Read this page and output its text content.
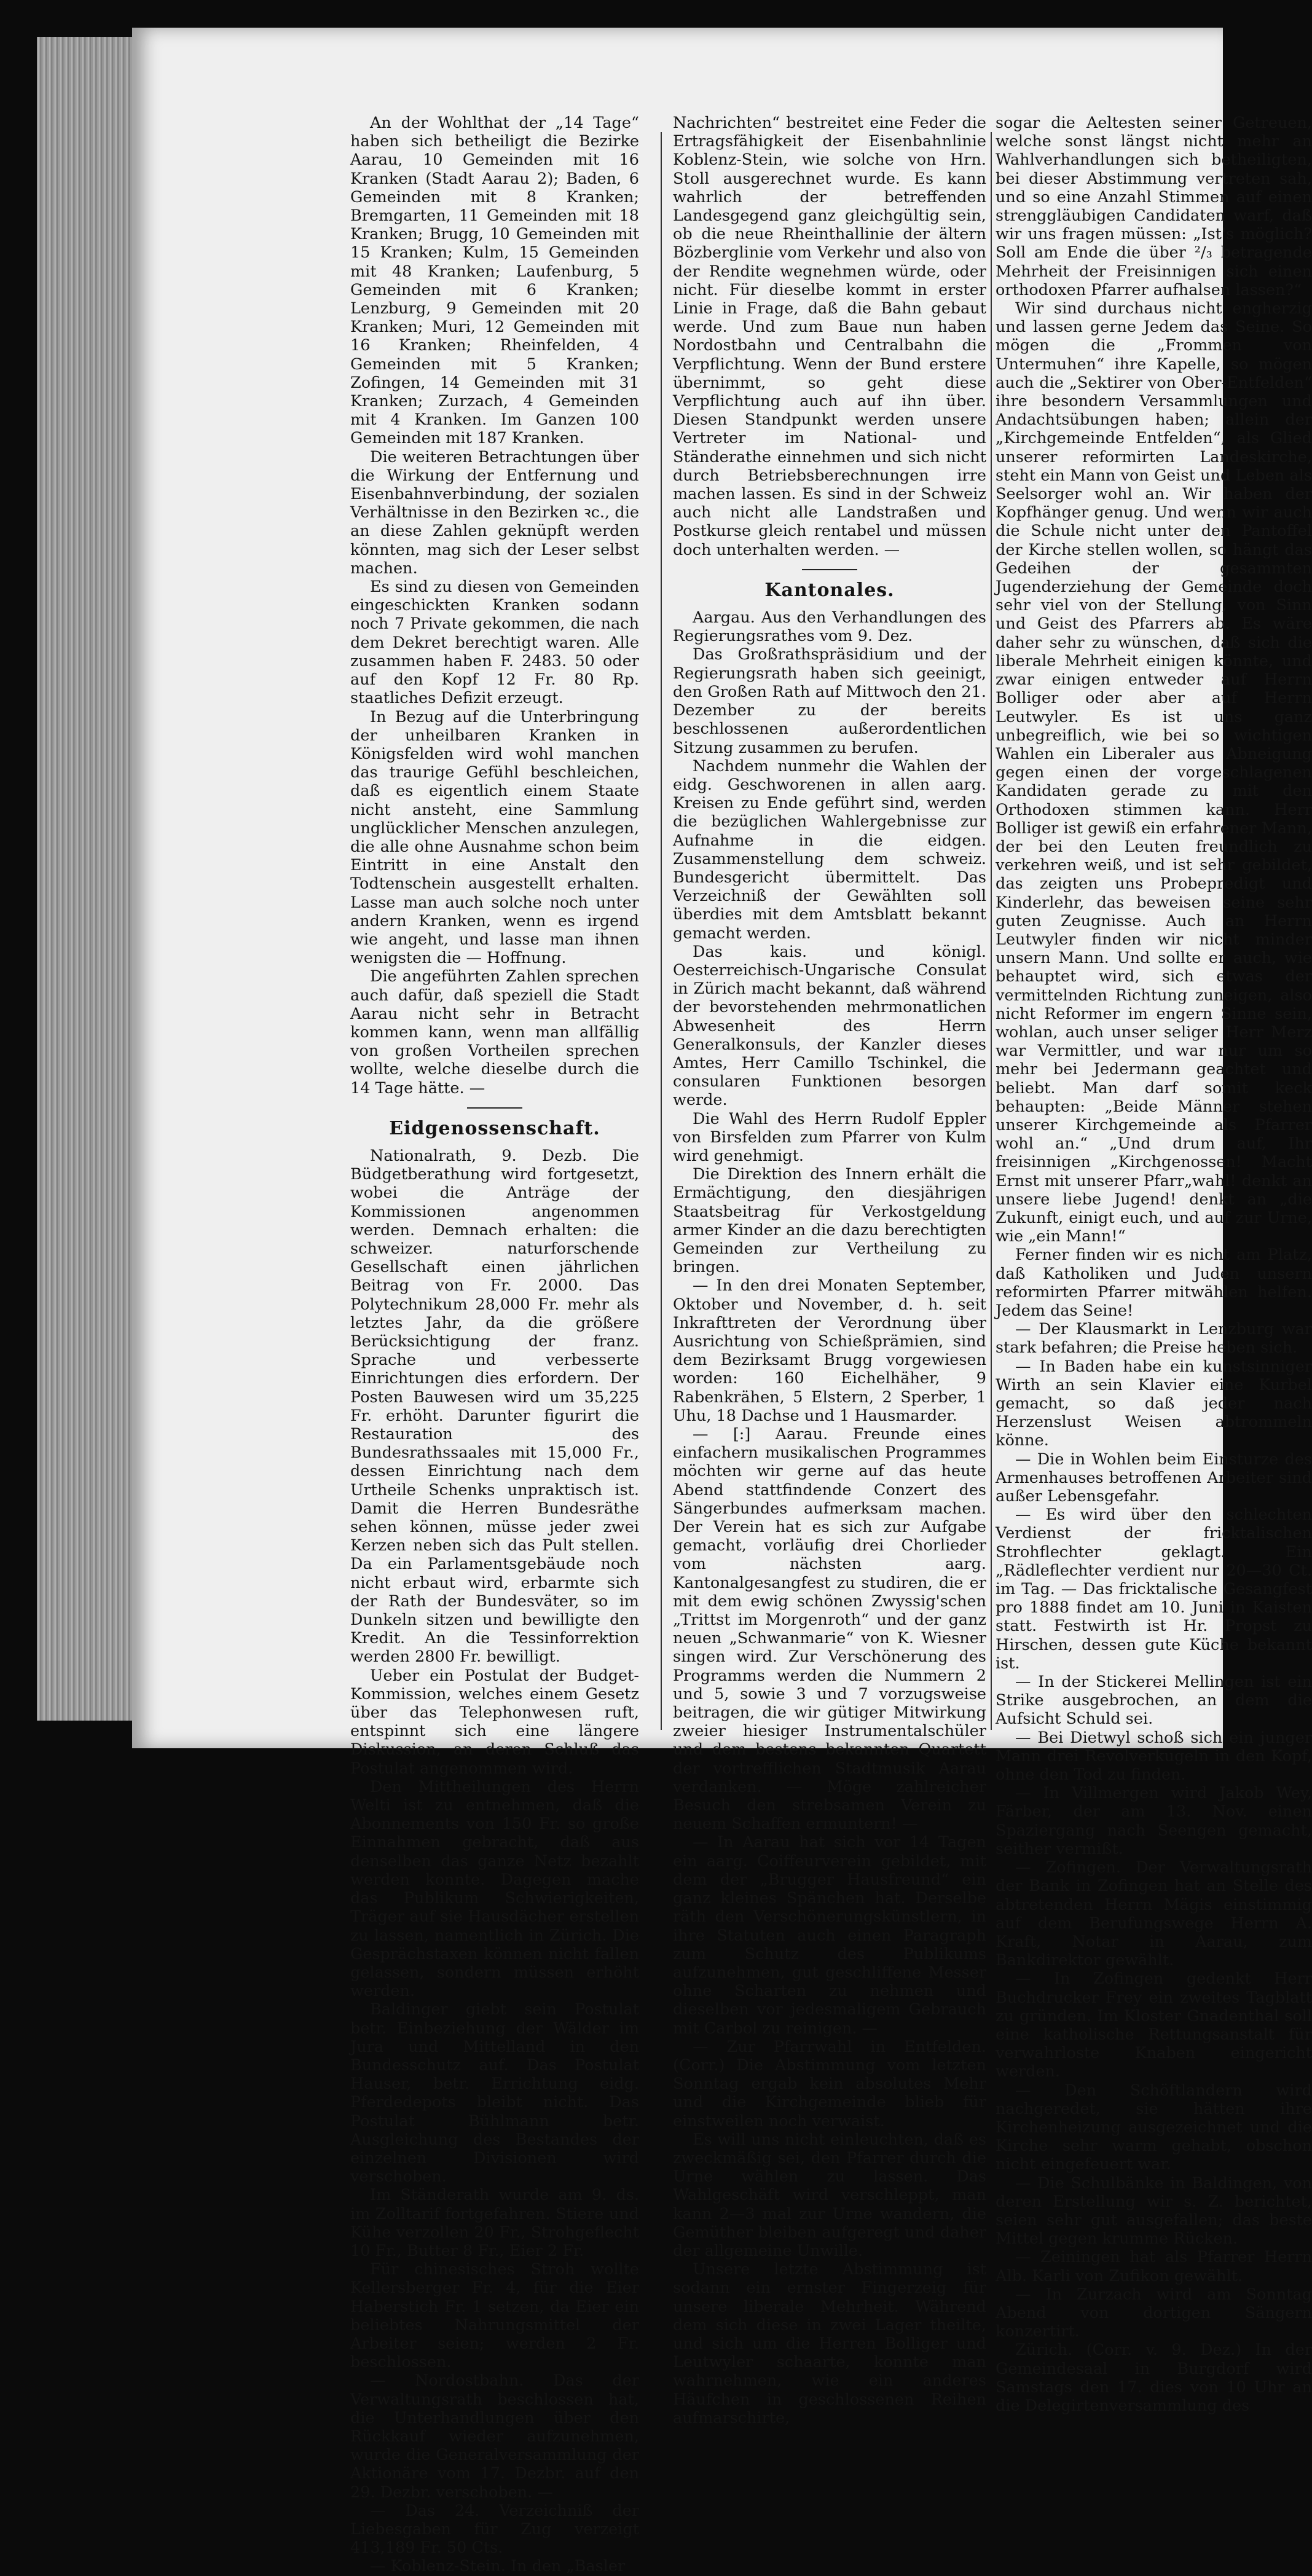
An der Wohlthat der „14 Tage“ haben sich betheiligt die Bezirke Aarau, 10 Gemeinden mit 16 Kranken (Stadt Aarau 2); Baden, 6 Gemeinden mit 8 Kranken; Bremgarten, 11 Gemeinden mit 18 Kranken; Brugg, 10 Gemeinden mit 15 Kranken; Kulm, 15 Gemeinden mit 48 Kranken; Laufenburg, 5 Gemeinden mit 6 Kranken; Lenzburg, 9 Gemeinden mit 20 Kranken; Muri, 12 Gemeinden mit 16 Kranken; Rheinfelden, 4 Gemeinden mit 5 Kranken; Zofingen, 14 Gemeinden mit 31 Kranken; Zurzach, 4 Gemeinden mit 4 Kranken. Im Ganzen 100 Gemeinden mit 187 Kranken.

Die weiteren Betrachtungen über die Wirkung der Entfernung und Eisenbahnverbindung, der sozialen Verhältnisse in den Bezirken ꝛc., die an diese Zahlen geknüpft werden könnten, mag sich der Leser selbst machen.

Es sind zu diesen von Gemeinden eingeschickten Kranken sodann noch 7 Private gekommen, die nach dem Dekret berechtigt waren. Alle zusammen haben F. 2483. 50 oder auf den Kopf 12 Fr. 80 Rp. staatliches Defizit erzeugt.

In Bezug auf die Unterbringung der unheilbaren Kranken in Königsfelden wird wohl manchen das traurige Gefühl beschleichen, daß es eigentlich einem Staate nicht ansteht, eine Sammlung unglücklicher Menschen anzulegen, die alle ohne Ausnahme schon beim Eintritt in eine Anstalt den Todtenschein ausgestellt erhalten. Lasse man auch solche noch unter andern Kranken, wenn es irgend wie angeht, und lasse man ihnen wenigsten die — Hoffnung.

Die angeführten Zahlen sprechen auch dafür, daß speziell die Stadt Aarau nicht sehr in Betracht kommen kann, wenn man allfällig von großen Vortheilen sprechen wollte, welche dieselbe durch die 14 Tage hätte. —

Eidgenossenschaft.

Nationalrath, 9. Dezb. Die Büdgetberathung wird fortgesetzt, wobei die Anträge der Kommissionen angenommen werden. Demnach erhalten: die schweizer. naturforschende Gesellschaft einen jährlichen Beitrag von Fr. 2000. Das Polytechnikum 28,000 Fr. mehr als letztes Jahr, da die größere Berücksichtigung der franz. Sprache und verbesserte Einrichtungen dies erfordern. Der Posten Bauwesen wird um 35,225 Fr. erhöht. Darunter figurirt die Restauration des Bundesrathssaales mit 15,000 Fr., dessen Einrichtung nach dem Urtheile Schenks unpraktisch ist. Damit die Herren Bundesräthe sehen können, müsse jeder zwei Kerzen neben sich das Pult stellen. Da ein Parlamentsgebäude noch nicht erbaut wird, erbarmte sich der Rath der Bundesväter, so im Dunkeln sitzen und bewilligte den Kredit. An die Tessinforrektion werden 2800 Fr. bewilligt.

Ueber ein Postulat der Budget-Kommission, welches einem Gesetz über das Telephonwesen ruft, entspinnt sich eine längere Diskussion, an deren Schluß das Postulat angenommen wird.

Den Mittheilungen des Herrn Welti ist zu entnehmen, daß die Abonnements von 150 Fr. so große Einnahmen gebracht, daß aus denselben das ganze Netz bezahlt werden konnte. Dagegen mache das Publikum Schwierigkeiten, Träger auf sie Hausdächer erstellen zu lassen, namentlich in Zürich. Die Gesprächstaxen können nicht fallen gelassen, sondern müssen erhöht werden.

Baldinger giebt sein Postulat betr. Einbeziehung der Wälder im Jura und Mittelland in den Bundesschutz auf. Das Postulat Hauser, betr. Errichtung eidg. Pferdedepots bleibt nicht. Das Postulat Bühlmann betr. Ausgleichung des Bestandes der einzelnen Divisionen wird verschoben.

Im Ständerath wurde am 9. ds. im Zolltarif fortgefahren. Stiere und Kühe verzollen 20 Fr., Strohgeflecht 10 Fr., Butter 8 Fr., Eier 2 Fr.

Für chinesisches Stroh wollte Kellersberger Fr. 4, für die Eier Haberstich Fr. 1 setzen, da Eier ein beliebtes Nahrungsmittel der Arbeiter seien; werden 2 Fr. beschlossen.

— Nordostbahn. Das der Verwaltungsrath beschlossen hat, die Unterhandlungen über den Rückkauf wieder aufzunehmen, wurde die Generalversammlung der Aktionäre vom 17. Dezbr. auf den 29. Dezbr. verschoben. —

— Das 24. Verzeichniß der Liebesgaben für Zug verzeigt 413,189 Fr. 50 Cts.

— Koblenz-Stein. In den „Basler

Nachrichten“ bestreitet eine Feder die Ertragsfähigkeit der Eisenbahnlinie Koblenz-Stein, wie solche von Hrn. Stoll ausgerechnet wurde. Es kann wahrlich der betreffenden Landesgegend ganz gleichgültig sein, ob die neue Rheinthallinie der ältern Bözberglinie vom Verkehr und also von der Rendite wegnehmen würde, oder nicht. Für dieselbe kommt in erster Linie in Frage, daß die Bahn gebaut werde. Und zum Baue nun haben Nordostbahn und Centralbahn die Verpflichtung. Wenn der Bund erstere übernimmt, so geht diese Verpflichtung auch auf ihn über. Diesen Standpunkt werden unsere Vertreter im National- und Ständerathe einnehmen und sich nicht durch Betriebsberechnungen irre machen lassen. Es sind in der Schweiz auch nicht alle Landstraßen und Postkurse gleich rentabel und müssen doch unterhalten werden. —

Kantonales.

Aargau. Aus den Verhandlungen des Regierungsrathes vom 9. Dez.

Das Großrathspräsidium und der Regierungsrath haben sich geeinigt, den Großen Rath auf Mittwoch den 21. Dezember zu der bereits beschlossenen außerordentlichen Sitzung zusammen zu berufen.

Nachdem nunmehr die Wahlen der eidg. Geschworenen in allen aarg. Kreisen zu Ende geführt sind, werden die bezüglichen Wahlergebnisse zur Aufnahme in die eidgen. Zusammenstellung dem schweiz. Bundesgericht übermittelt. Das Verzeichniß der Gewählten soll überdies mit dem Amtsblatt bekannt gemacht werden.

Das kais. und königl. Oesterreichisch-Ungarische Consulat in Zürich macht bekannt, daß während der bevorstehenden mehrmonatlichen Abwesenheit des Herrn Generalkonsuls, der Kanzler dieses Amtes, Herr Camillo Tschinkel, die consularen Funktionen besorgen werde.

Die Wahl des Herrn Rudolf Eppler von Birsfelden zum Pfarrer von Kulm wird genehmigt.

Die Direktion des Innern erhält die Ermächtigung, den diesjährigen Staatsbeitrag für Verkostgeldung armer Kinder an die dazu berechtigten Gemeinden zur Vertheilung zu bringen.

— In den drei Monaten September, Oktober und November, d. h. seit Inkrafttreten der Verordnung über Ausrichtung von Schießprämien, sind dem Bezirksamt Brugg vorgewiesen worden: 160 Eichelhäher, 9 Rabenkrähen, 5 Elstern, 2 Sperber, 1 Uhu, 18 Dachse und 1 Hausmarder.

— [:] Aarau. Freunde eines einfachern musikalischen Programmes möchten wir gerne auf das heute Abend stattfindende Conzert des Sängerbundes aufmerksam machen. Der Verein hat es sich zur Aufgabe gemacht, vorläufig drei Chorlieder vom nächsten aarg. Kantonalgesangfest zu studiren, die er mit dem ewig schönen Zwyssig'schen „Trittst im Morgenroth“ und der ganz neuen „Schwanmarie“ von K. Wiesner singen wird. Zur Verschönerung des Programms werden die Nummern 2 und 5, sowie 3 und 7 vorzugsweise beitragen, die wir gütiger Mitwirkung zweier hiesiger Instrumentalschüler und dem bestens bekannten Quartett der vortrefflichen Stadtmusik Aarau verdanken. — Möge zahlreicher Besuch den strebsamen Verein zu neuem Schaffen ermuntern! —

— In Aarau hat sich vor 14 Tagen ein aarg. Coiffeurverein gebildet, mit dem der „Brugger Hausfreund“ ein ganz kleines Spänchen hat. Derselbe räth den Verschönerungskünstlern, in ihre Statuten auch einen Paragraph zum Schutz des Publikums aufzunehmen, gut geschliffene Messer ohne Scharten zu nehmen und dieselben vor jedesmaligem Gebrauch mit Carbol zu reinigen. —

— Zur Pfarrwahl in Entfelden. (Corr.) Die Abstimmung vom letzten Sonntag ergab kein absolutes Mehr und die Kirchgemeinde blieb für einstweilen noch verwaist.

Es will uns nicht einleuchten, daß es zweckmäßig sei, den Pfarrer durch die Urne wählen zu lassen. Das Wahlgeschäft wird verschleppt, man kann 2—3 mal zur Urne wandern, die Gemüther bleiben aufgeregt und daher der allgemeine Unwille.

Unsere letzte Abstimmung ist sodann ein ernster Fingerzeig für unsere liberale Mehrheit. Während dem sich diese in zwei Lager theilte, und sich um die Herren Bolliger und Leutwyler schaarte, konnte man wahrnehmen, wie ein anderes Häufchen in geschlossenen Reihen aufmarschirte,

sogar die Aeltesten seiner Getreuen, welche sonst längst nicht mehr an Wahlverhandlungen sich betheiligten, bei dieser Abstimmung vertreten sah, und so eine Anzahl Stimmen auf einen strenggläubigen Candidaten warf, daß wir uns fragen müssen: „Ist's möglich? Soll am Ende die über ²/₃ betragende Mehrheit der Freisinnigen sich einen orthodoxen Pfarrer aufhalsen lassen?“

Wir sind durchaus nicht engherzig und lassen gerne Jedem das Seine. So mögen die „Frommen von Untermuhen“ ihre Kapelle, so mögen auch die „Sektirer von Ober-Entfelden“ ihre besondern Versammlungen und Andachtsübungen haben; allein der „Kirchgemeinde Entfelden“, als Glied unserer reformirten Landeskirche, steht ein Mann von Geist und Leben als Seelsorger wohl an. Wir haben der Kopfhänger genug. Und wenn wir auch die Schule nicht unter den Pantoffel der Kirche stellen wollen, so hängt das Gedeihen der gesammten Jugenderziehung der Gemeinde doch sehr viel von der Stellung, von Sinn und Geist des Pfarrers ab. Es wäre daher sehr zu wünschen, daß sich die liberale Mehrheit einigen könnte, und zwar einigen entweder auf Herrn Bolliger oder aber auf Herrn Leutwyler. Es ist uns ganz unbegreiflich, wie bei so wichtigen Wahlen ein Liberaler aus Abneigung gegen einen der vorgeschlagenen Kandidaten gerade zu mit den Orthodoxen stimmen kann. Herr Bolliger ist gewiß ein erfahrener Mann, der bei den Leuten freundlich zu verkehren weiß, und ist sehr gebildet, das zeigten uns Probepredigt und Kinderlehr, das beweisen seine sehr guten Zeugnisse. Auch an Herrn Leutwyler finden wir nicht minder unsern Mann. Und sollte er auch, wie behauptet wird, sich etwas der vermittelnden Richtung zuneigen, also nicht Reformer im engern Sinne sein, wohlan, auch unser seliger Herr Merz war Vermittler, und war nur um so mehr bei Jedermann geachtet und beliebt. Man darf somit keck behaupten: „Beide Männer stehen unserer Kirchgemeinde als Pfarrer wohl an.“ „Und drum auf, Ihr freisinnigen „Kirchgenossen! Macht Ernst mit unserer Pfarr„wahl! denkt an unsere liebe Jugend! denkt an „die Zukunft, einigt euch, und auf zur Urne, wie „ein Mann!“

Ferner finden wir es nicht am Platz, daß Katholiken und Juden unsern reformirten Pfarrer mitwählen helfen. Jedem das Seine!

— Der Klausmarkt in Lenzburg war stark befahren; die Preise heben sich.

— In Baden habe ein kunstsinniger Wirth an sein Klavier eine Kurbel gemacht, so daß jeder nach Herzenslust Weisen abtrommeln könne.

— Die in Wohlen beim Einsturze des Armenhauses betroffenen Arbeiter sind außer Lebensgefahr.

— Es wird über den schlechten Verdienst der fricktalischen Strohflechter geklagt. Ein „Rädleflechter verdient nur 20—30 Ct. im Tag. — Das fricktalische Gesangfest pro 1888 findet am 10. Juni in Kaisten statt. Festwirth ist Hr. Propst zu Hirschen, dessen gute Küche bekannt ist.

— In der Stickerei Mellingen ist ein Strike ausgebrochen, an dem die Aufsicht Schuld sei.

— Bei Dietwyl schoß sich ein junger Mann drei Revolverkugeln in den Kopf, ohne den Tod zu finden.

— In Villmergen wird Jakob Wey, Färber, der am 13. Nov. einen Spaziergang nach Seengen gemacht, seither vermißt.

— Zofingen. Der Verwaltungsrath der Bank in Zofingen hat an Stelle des abtretenden Herrn Mägis einstimmig auf dem Berufungswege Herrn A. Kraft, Notar in Aarau, zum Bankdirektor gewählt.

— In Zofingen gedenkt Herr Buchdrucker Frey ein zweites Tagblatt zu gründen. Im Kloster Gnadenthal soll eine katholische Rettungsanstalt für verwahrloste Knaben eingericht werden.

— Den Schöftlandern wird nachgeredet, sie hätten ihre Kirchenheizung ausgezeichnet und die Kirche sehr warm gehabt, obschon nicht eingefeuert war.

— Die Schulbänke in Baldingen, von deren Erstellung wir s. Z. berichtet, seien sehr gut ausgefallen; das beste Mittel gegen krumme Rücken.

— Zeiningen hat als Pfarrer Herrn Alb. Karli von Zufikon gewählt.

— In Zurzach wird am Sonntag Abend von dortigen Sängern konzertirt.

Zürich. (Corr. v. 9. Dez.) In der Gemeindesaal in Burgdorf wird Samstags den 17. dies von 10 Uhr an die Delegirtenversammlung des
